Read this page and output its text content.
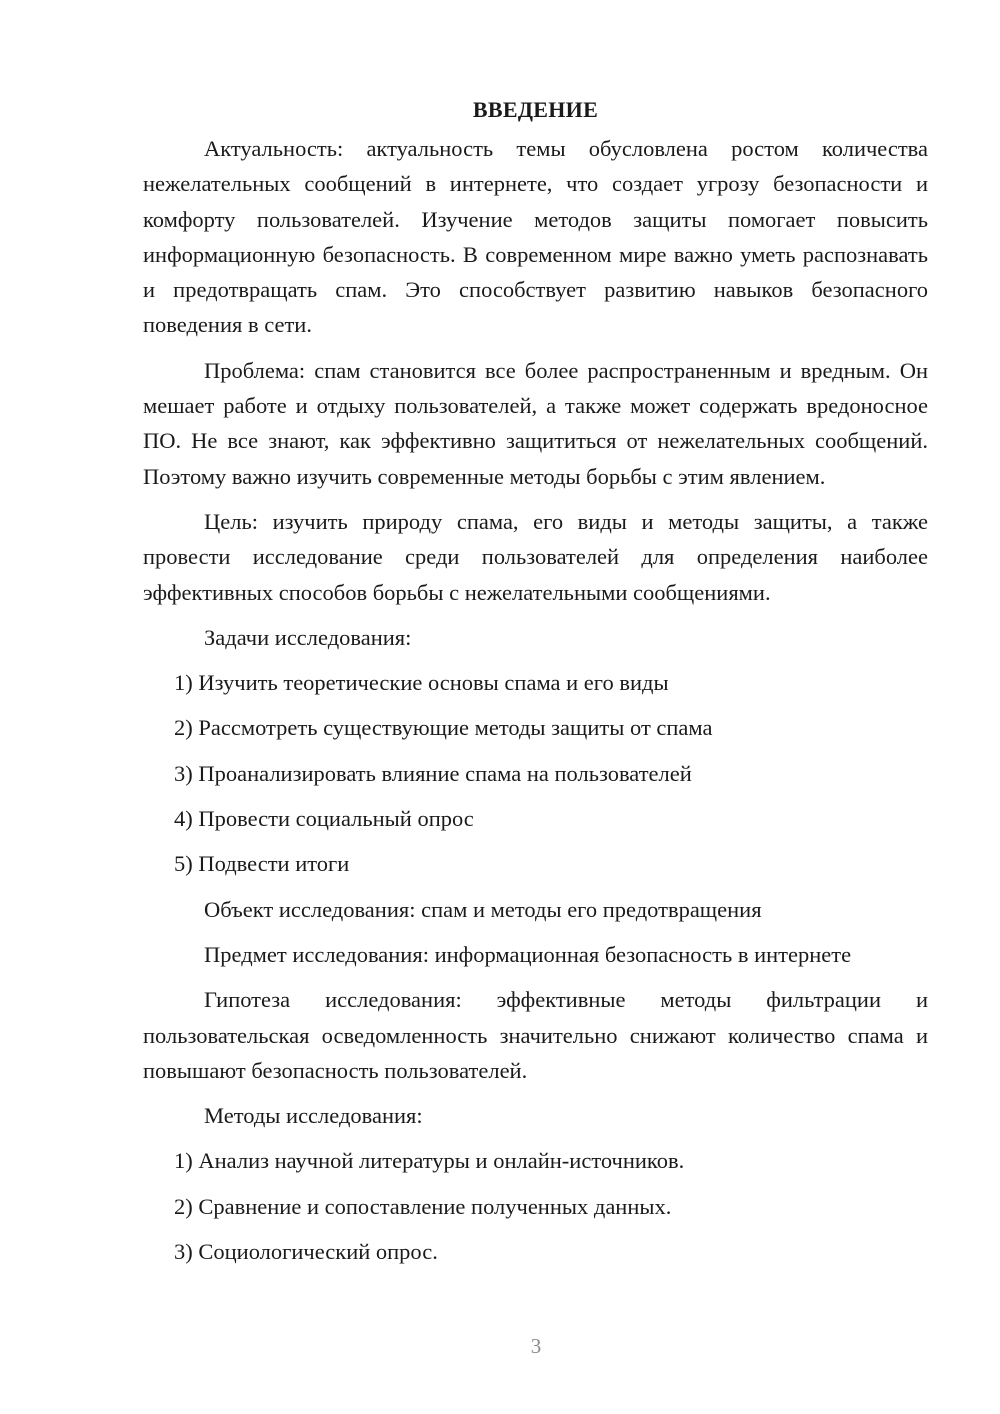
ВВЕДЕНИЕ

Актуальность: актуальность темы обусловлена ростом количества нежелательных сообщений в интернете, что создает угрозу безопасности и комфорту пользователей. Изучение методов защиты помогает повысить информационную безопасность. В современном мире важно уметь распознавать и предотвращать спам. Это способствует развитию навыков безопасного поведения в сети.

Проблема: спам становится все более распространенным и вредным. Он мешает работе и отдыху пользователей, а также может содержать вредоносное ПО. Не все знают, как эффективно защититься от нежелательных сообщений. Поэтому важно изучить современные методы борьбы с этим явлением.

Цель: изучить природу спама, его виды и методы защиты, а также провести исследование среди пользователей для определения наиболее эффективных способов борьбы с нежелательными сообщениями.

Задачи исследования:
1) Изучить теоретические основы спама и его виды
2) Рассмотреть существующие методы защиты от спама
3) Проанализировать влияние спама на пользователей
4) Провести социальный опрос
5) Подвести итоги
Объект исследования: спам и методы его предотвращения
Предмет исследования: информационная безопасность в интернете

Гипотеза исследования: эффективные методы фильтрации и пользовательская осведомленность значительно снижают количество спама и повышают безопасность пользователей.

Методы исследования:
1) Анализ научной литературы и онлайн-источников.
2) Сравнение и сопоставление полученных данных.
3) Социологический опрос.
3
